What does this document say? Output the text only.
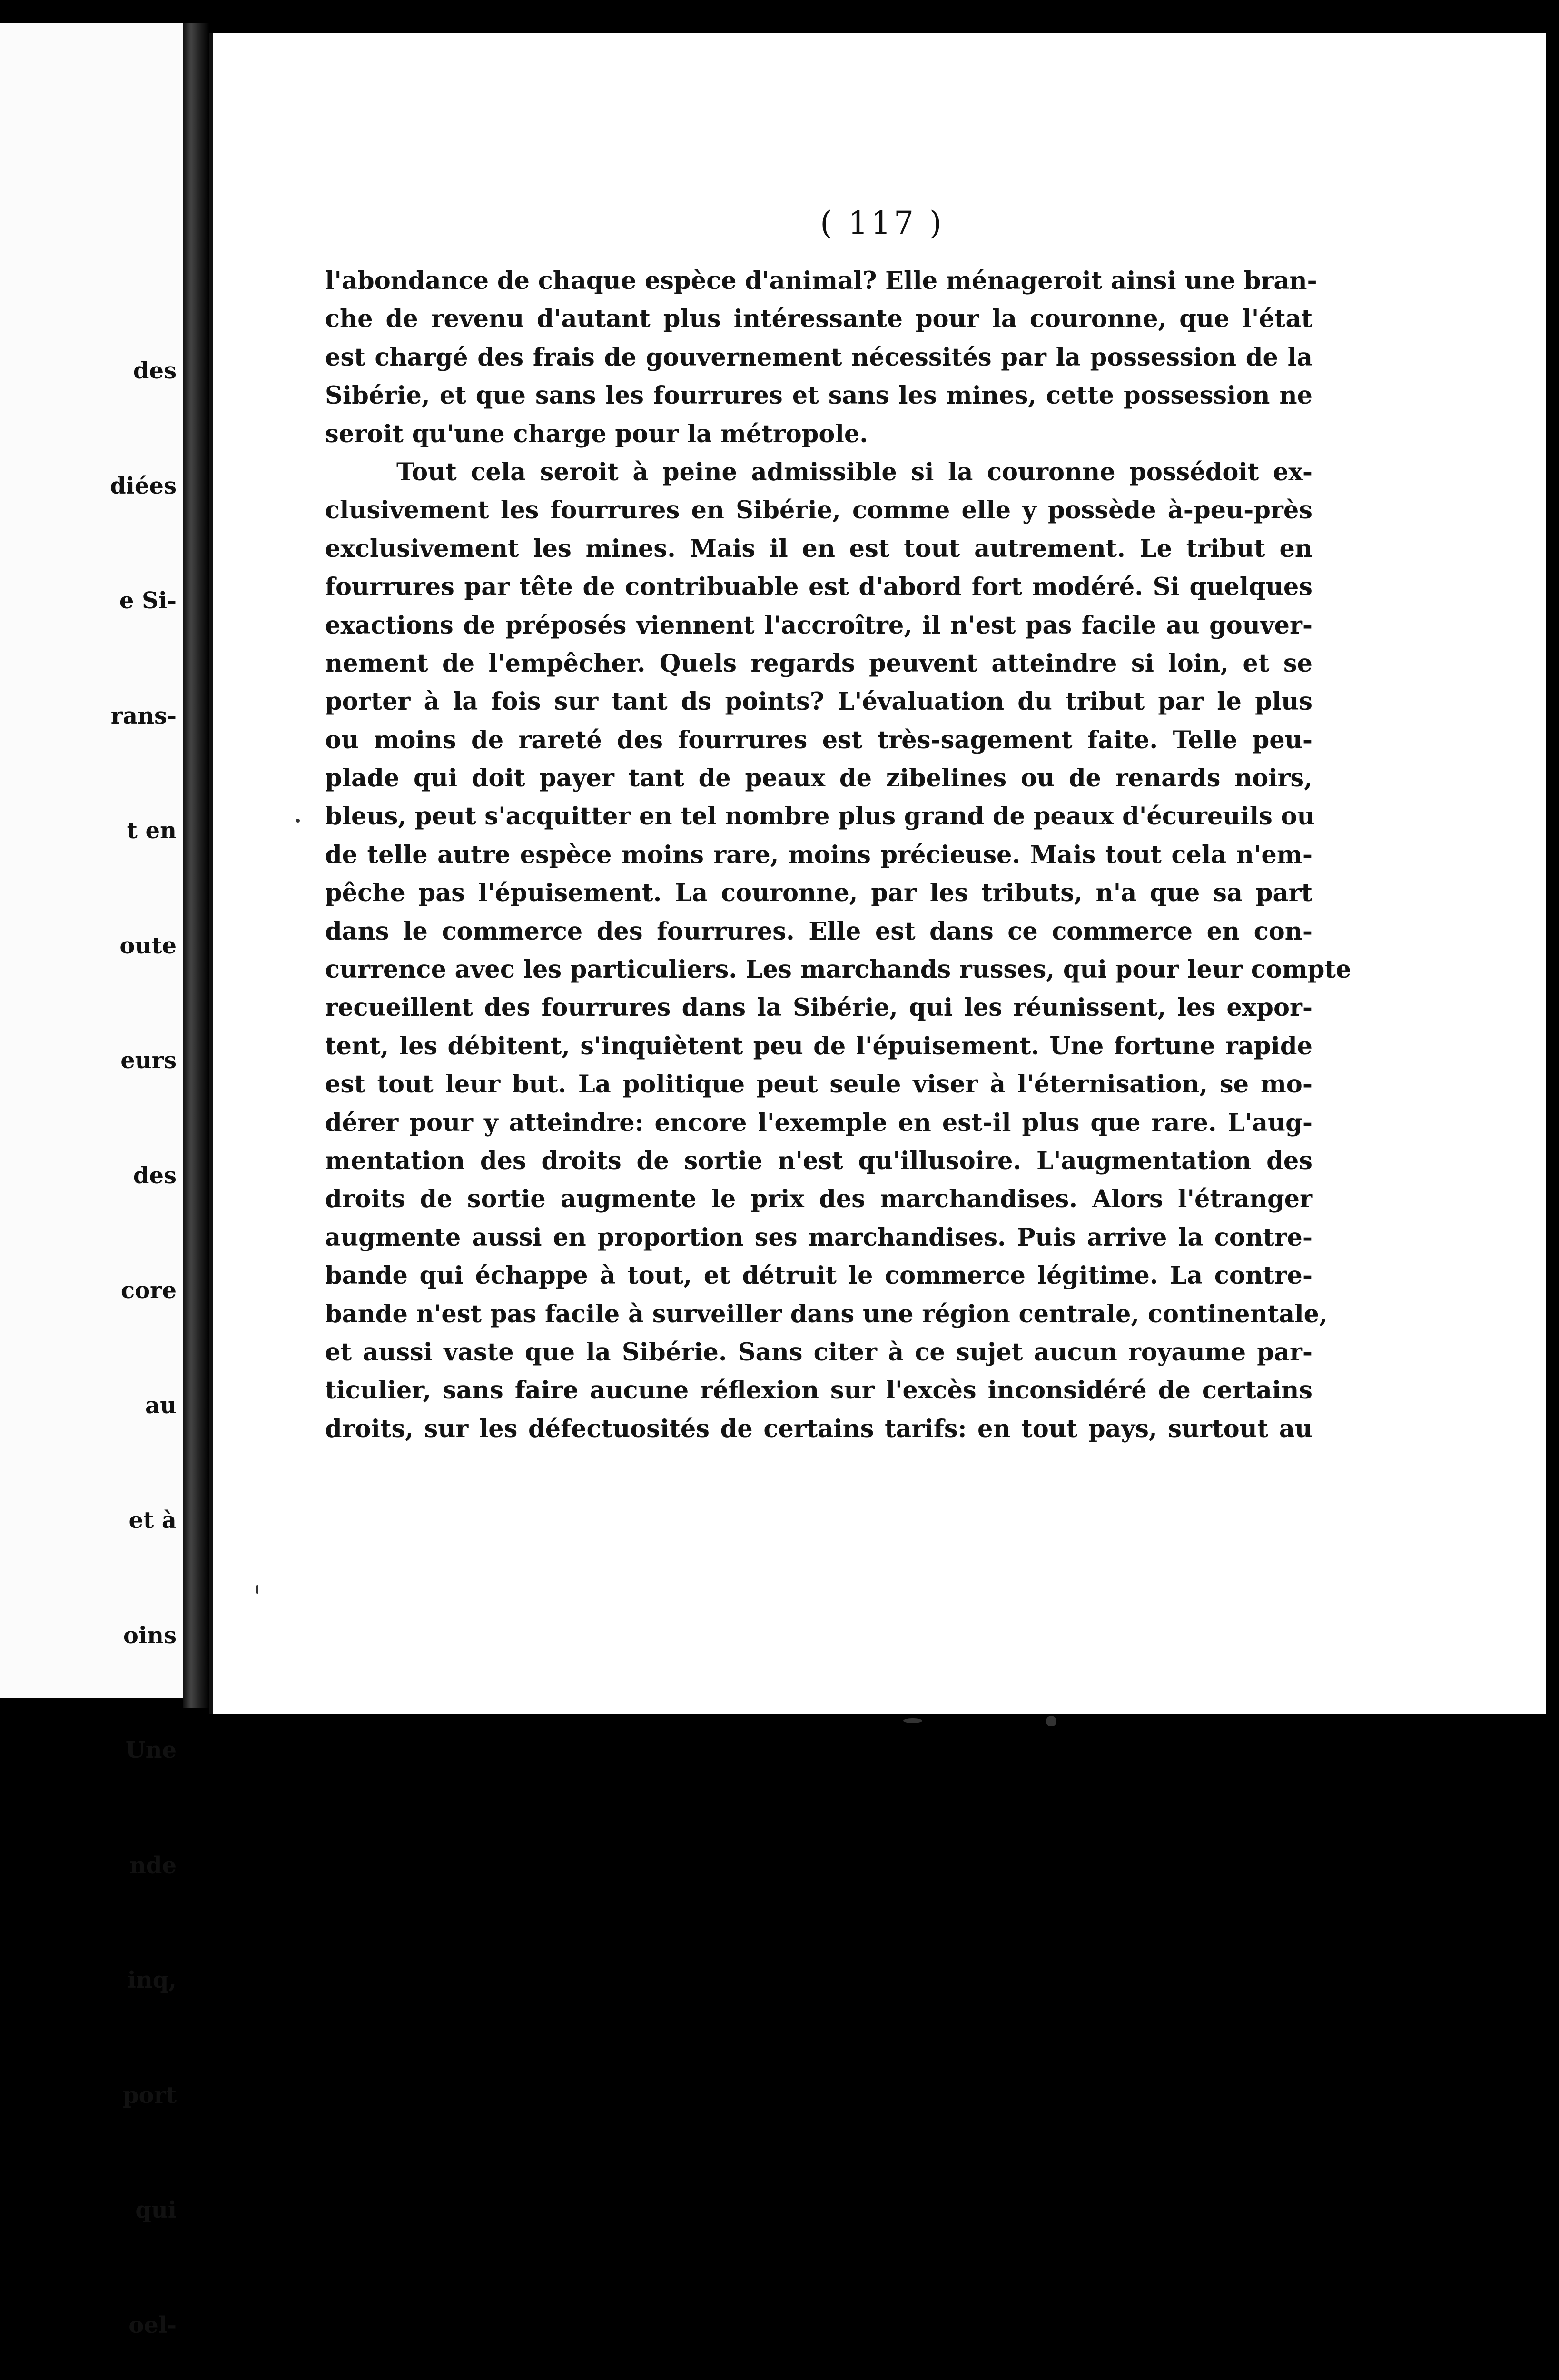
des

diées

e Si-

rans-

t en

oute

eurs

des

core

au

et à

oins

Une

nde

inq,

port

qui

oel-

( 117 )
l'abondance de chaque espèce d'animal? Elle ménageroit ainsi une bran-
che de revenu d'autant plus intéressante pour la couronne, que l'état
est chargé des frais de gouvernement nécessités par la possession de la
Sibérie, et que sans les fourrures et sans les mines, cette possession ne
seroit qu'une charge pour la métropole.
Tout cela seroit à peine admissible si la couronne possédoit ex-
clusivement les fourrures en Sibérie, comme elle y possède à-peu-près
exclusivement les mines. Mais il en est tout autrement. Le tribut en
fourrures par tête de contribuable est d'abord fort modéré. Si quelques
exactions de préposés viennent l'accroître, il n'est pas facile au gouver-
nement de l'empêcher. Quels regards peuvent atteindre si loin, et se
porter à la fois sur tant ds points? L'évaluation du tribut par le plus
ou moins de rareté des fourrures est très-sagement faite. Telle peu-
plade qui doit payer tant de peaux de zibelines ou de renards noirs,
bleus, peut s'acquitter en tel nombre plus grand de peaux d'écureuils ou
de telle autre espèce moins rare, moins précieuse. Mais tout cela n'em-
pêche pas l'épuisement. La couronne, par les tributs, n'a que sa part
dans le commerce des fourrures. Elle est dans ce commerce en con-
currence avec les particuliers. Les marchands russes, qui pour leur compte
recueillent des fourrures dans la Sibérie, qui les réunissent, les expor-
tent, les débitent, s'inquiètent peu de l'épuisement. Une fortune rapide
est tout leur but. La politique peut seule viser à l'éternisation, se mo-
dérer pour y atteindre: encore l'exemple en est-il plus que rare. L'aug-
mentation des droits de sortie n'est qu'illusoire. L'augmentation des
droits de sortie augmente le prix des marchandises. Alors l'étranger
augmente aussi en proportion ses marchandises. Puis arrive la contre-
bande qui échappe à tout, et détruit le commerce légitime. La contre-
bande n'est pas facile à surveiller dans une région centrale, continentale,
et aussi vaste que la Sibérie. Sans citer à ce sujet aucun royaume par-
ticulier, sans faire aucune réflexion sur l'excès inconsidéré de certains
droits, sur les défectuosités de certains tarifs: en tout pays, surtout au
